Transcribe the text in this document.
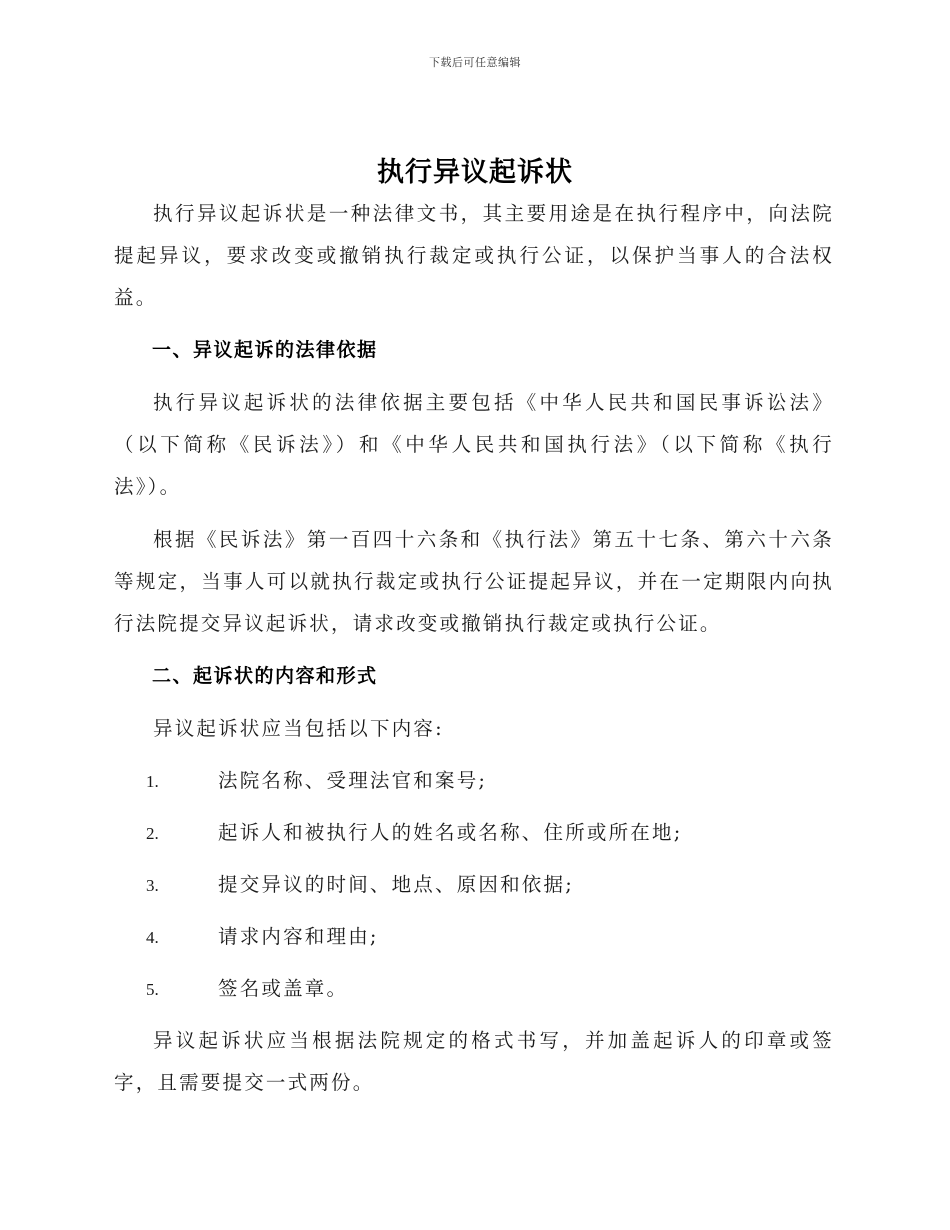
下载后可任意编辑
执行异议起诉状

执行异议起诉状是一种法律文书，其主要用途是在执行程序中，向法院提起异议，要求改变或撤销执行裁定或执行公证，以保护当事人的合法权益。

一、异议起诉的法律依据

执行异议起诉状的法律依据主要包括《中华人民共和国民事诉讼法》（以下简称《民诉法》）和《中华人民共和国执行法》（以下简称《执行法》）。

根据《民诉法》第一百四十六条和《执行法》第五十七条、第六十六条等规定，当事人可以就执行裁定或执行公证提起异议，并在一定期限内向执行法院提交异议起诉状，请求改变或撤销执行裁定或执行公证。

二、起诉状的内容和形式

异议起诉状应当包括以下内容:

1.	法院名称、受理法官和案号;
2.	起诉人和被执行人的姓名或名称、住所或所在地;
3.	提交异议的时间、地点、原因和依据;
4.	请求内容和理由;
5.	签名或盖章。

异议起诉状应当根据法院规定的格式书写，并加盖起诉人的印章或签字，且需要提交一式两份。
